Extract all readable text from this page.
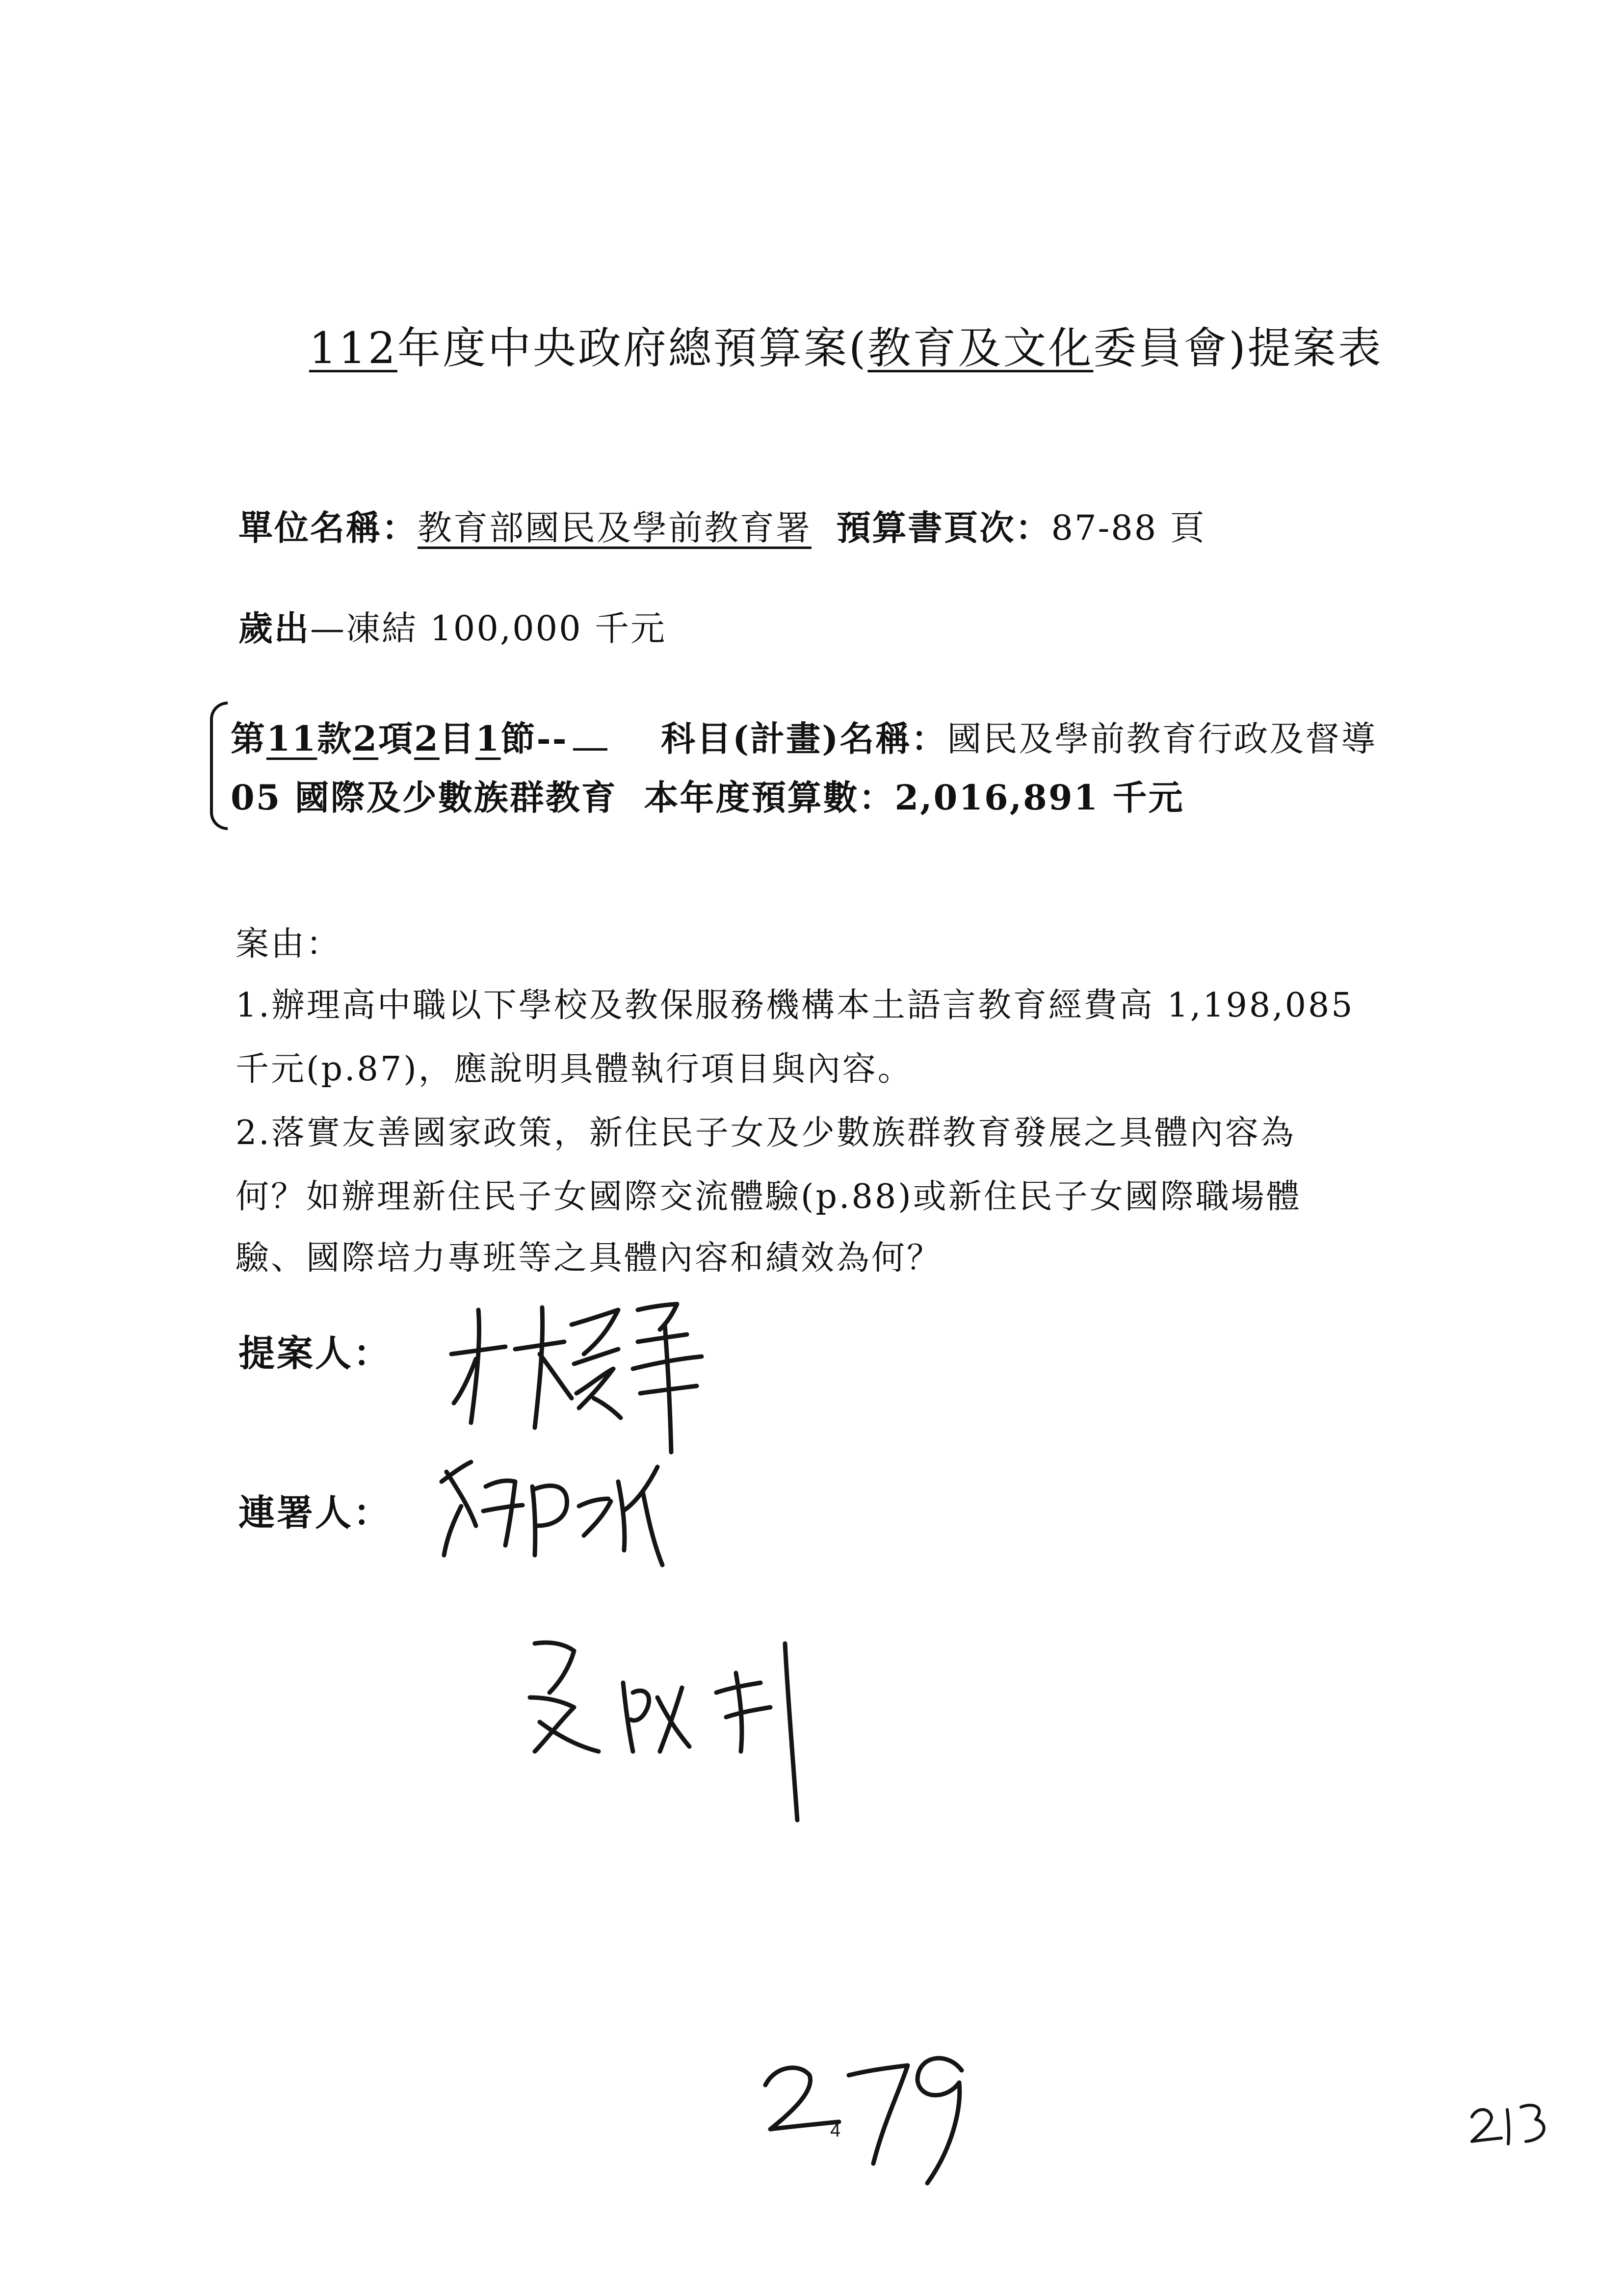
112年度中央政府總預算案(教育及文化委員會)提案表
單位名稱：教育部國民及學前教育署 預算書頁次：87-88 頁
歲出—凍結 100,000 千元
第11款2項2目1節--	科目(計畫)名稱：國民及學前教育行政及督導
05 國際及少數族群教育 本年度預算數：2,016,891 千元
案由：
1.辦理高中職以下學校及教保服務機構本土語言教育經費高 1,198,085
千元(p.87)，應說明具體執行項目與內容。
2.落實友善國家政策，新住民子女及少數族群教育發展之具體內容為
何？如辦理新住民子女國際交流體驗(p.88)或新住民子女國際職場體
驗、國際培力專班等之具體內容和績效為何？
提案人：
連署人：
4
